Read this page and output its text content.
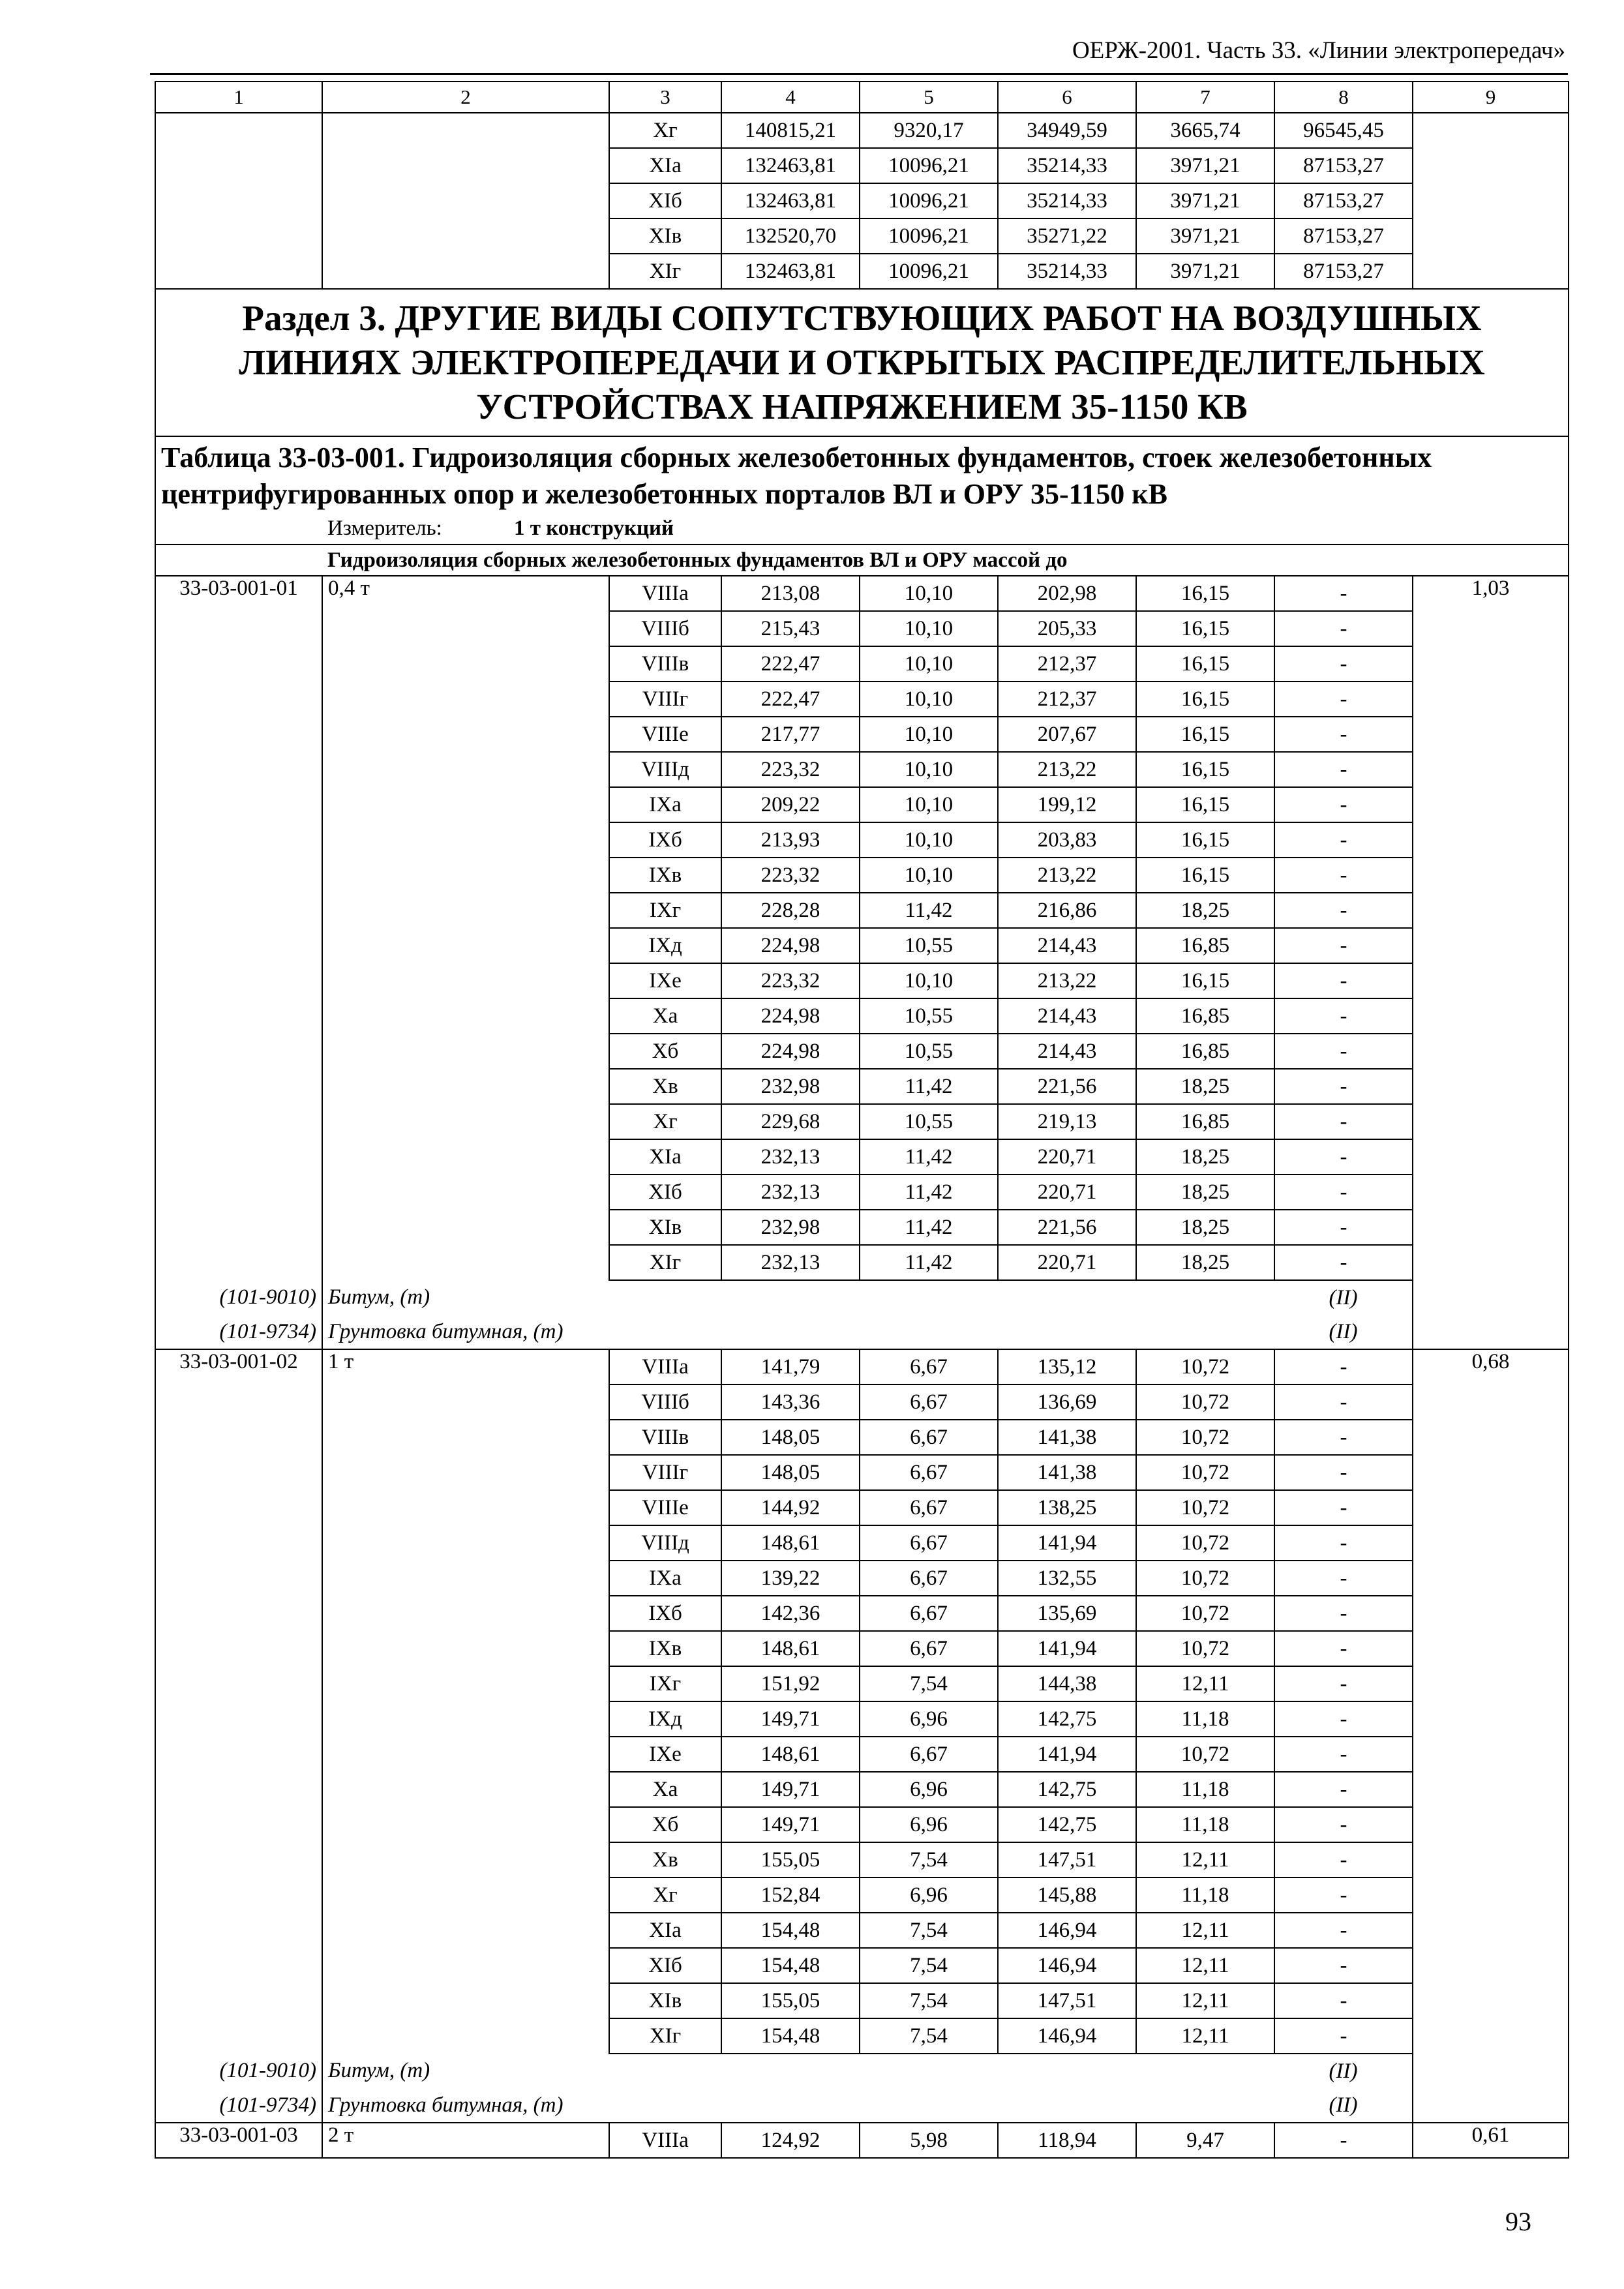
ОЕРЖ-2001. Часть 33. «Линии электропередач»
1	2	3	4	5	6	7	8	9
		Xг	140815,21	9320,17	34949,59	3665,74	96545,45	
		XIа	132463,81	10096,21	35214,33	3971,21	87153,27	
		XIб	132463,81	10096,21	35214,33	3971,21	87153,27	
		XIв	132520,70	10096,21	35271,22	3971,21	87153,27	
		XIг	132463,81	10096,21	35214,33	3971,21	87153,27	
Раздел 3. ДРУГИЕ ВИДЫ СОПУТСТВУЮЩИХ РАБОТ НА ВОЗДУШНЫХ ЛИНИЯХ ЭЛЕКТРОПЕРЕДАЧИ И ОТКРЫТЫХ РАСПРЕДЕЛИТЕЛЬНЫХ УСТРОЙСТВАХ НАПРЯЖЕНИЕМ 35-1150 КВ								
Таблица 33-03-001. Гидроизоляция сборных железобетонных фундаментов, стоек железобетонных центрифугированных опор и железобетонных порталов ВЛ и ОРУ 35-1150 кВ								
Измеритель: 1 т конструкций								
Гидроизоляция сборных железобетонных фундаментов ВЛ и ОРУ массой до								
33-03-001-01	0,4 т	VIIIа	213,08	10,10	202,98	16,15	-	1,03
		VIIIб	215,43	10,10	205,33	16,15	-	
		VIIIв	222,47	10,10	212,37	16,15	-	
		VIIIг	222,47	10,10	212,37	16,15	-	
		VIIIе	217,77	10,10	207,67	16,15	-	
		VIIIд	223,32	10,10	213,22	16,15	-	
		IXа	209,22	10,10	199,12	16,15	-	
		IXб	213,93	10,10	203,83	16,15	-	
		IXв	223,32	10,10	213,22	16,15	-	
		IXг	228,28	11,42	216,86	18,25	-	
		IXд	224,98	10,55	214,43	16,85	-	
		IXе	223,32	10,10	213,22	16,15	-	
		Xа	224,98	10,55	214,43	16,85	-	
		Xб	224,98	10,55	214,43	16,85	-	
		Xв	232,98	11,42	221,56	18,25	-	
		Xг	229,68	10,55	219,13	16,85	-	
		XIа	232,13	11,42	220,71	18,25	-	
		XIб	232,13	11,42	220,71	18,25	-	
		XIв	232,98	11,42	221,56	18,25	-	
		XIг	232,13	11,42	220,71	18,25	-	
(101-9010)	Битум, (т)						(II)	
(101-9734)	Грунтовка битумная, (т)						(II)	
33-03-001-02	1 т	VIIIа	141,79	6,67	135,12	10,72	-	0,68
		VIIIб	143,36	6,67	136,69	10,72	-	
		VIIIв	148,05	6,67	141,38	10,72	-	
		VIIIг	148,05	6,67	141,38	10,72	-	
		VIIIе	144,92	6,67	138,25	10,72	-	
		VIIIд	148,61	6,67	141,94	10,72	-	
		IXа	139,22	6,67	132,55	10,72	-	
		IXб	142,36	6,67	135,69	10,72	-	
		IXв	148,61	6,67	141,94	10,72	-	
		IXг	151,92	7,54	144,38	12,11	-	
		IXд	149,71	6,96	142,75	11,18	-	
		IXе	148,61	6,67	141,94	10,72	-	
		Xа	149,71	6,96	142,75	11,18	-	
		Xб	149,71	6,96	142,75	11,18	-	
		Xв	155,05	7,54	147,51	12,11	-	
		Xг	152,84	6,96	145,88	11,18	-	
		XIа	154,48	7,54	146,94	12,11	-	
		XIб	154,48	7,54	146,94	12,11	-	
		XIв	155,05	7,54	147,51	12,11	-	
		XIг	154,48	7,54	146,94	12,11	-	
(101-9010)	Битум, (т)						(II)	
(101-9734)	Грунтовка битумная, (т)						(II)	
33-03-001-03	2 т	VIIIа	124,92	5,98	118,94	9,47	-	0,61
93
